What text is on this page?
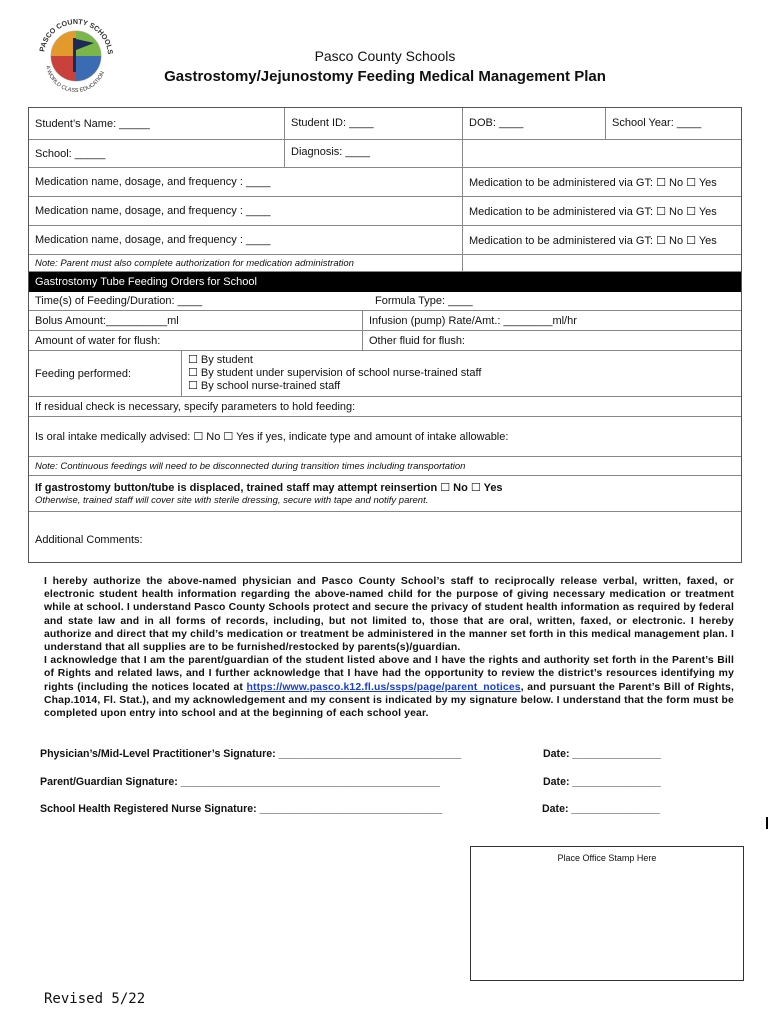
PASCO COUNTY SCHOOLS
A WORLD CLASS EDUCATION
Pasco County Schools
Gastrostomy/Jejunostomy Feeding Medical Management Plan
Student’s Name: _____	Student ID: ____	DOB: ____	School Year: ____
School: _____	Diagnosis: ____
Medication name, dosage, and frequency : ____	Medication to be administered via GT: ☐ No ☐ Yes
Medication name, dosage, and frequency : ____	Medication to be administered via GT: ☐ No ☐ Yes
Medication name, dosage, and frequency : ____	Medication to be administered via GT: ☐ No ☐ Yes
Note: Parent must also complete authorization for medication administration
Gastrostomy Tube Feeding Orders for School
Time(s) of Feeding/Duration: ____	Formula Type: ____
Bolus Amount:__________ml	Infusion (pump) Rate/Amt.: ________ml/hr
Amount of water for flush:	Other fluid for flush:
Feeding performed:
☐ By student
☐ By student under supervision of school nurse-trained staff
☐ By school nurse-trained staff
If residual check is necessary, specify parameters to hold feeding:
Is oral intake medically advised: ☐ No ☐ Yes if yes, indicate type and amount of intake allowable:
Note: Continuous feedings will need to be disconnected during transition times including transportation
If gastrostomy button/tube is displaced, trained staff may attempt reinsertion ☐ No ☐ Yes
Otherwise, trained staff will cover site with sterile dressing, secure with tape and notify parent.
Additional Comments:

I hereby authorize the above-named physician and Pasco County School’s staff to reciprocally release verbal, written, faxed, or electronic student health information regarding the above-named child for the purpose of giving necessary medication or treatment while at school. I understand Pasco County Schools protect and secure the privacy of student health information as required by federal and state law and in all forms of records, including, but not limited to, those that are oral, written, faxed, or electronic. I hereby authorize and direct that my child’s medication or treatment be administered in the manner set forth in this medical management plan. I understand that all supplies are to be furnished/restocked by parents(s)/guardian.

I acknowledge that I am the parent/guardian of the student listed above and I have the rights and authority set forth in the Parent’s Bill of Rights and related laws, and I further acknowledge that I have had the opportunity to review the district’s resources identifying my rights (including the notices located at https://www.pasco.k12.fl.us/ssps/page/parent_notices, and pursuant the Parent’s Bill of Rights, Chap.1014, Fl. Stat.), and my acknowledgement and my consent is indicated by my signature below. I understand that the form must be completed upon entry into school and at the beginning of each school year.

Physician’s/Mid-Level Practitioner’s Signature: _______________________________	Date: _______________
Parent/Guardian Signature: ____________________________________________	Date: _______________
School Health Registered Nurse Signature: _______________________________	Date: _______________
Place Office Stamp Here
Revised 5/22
